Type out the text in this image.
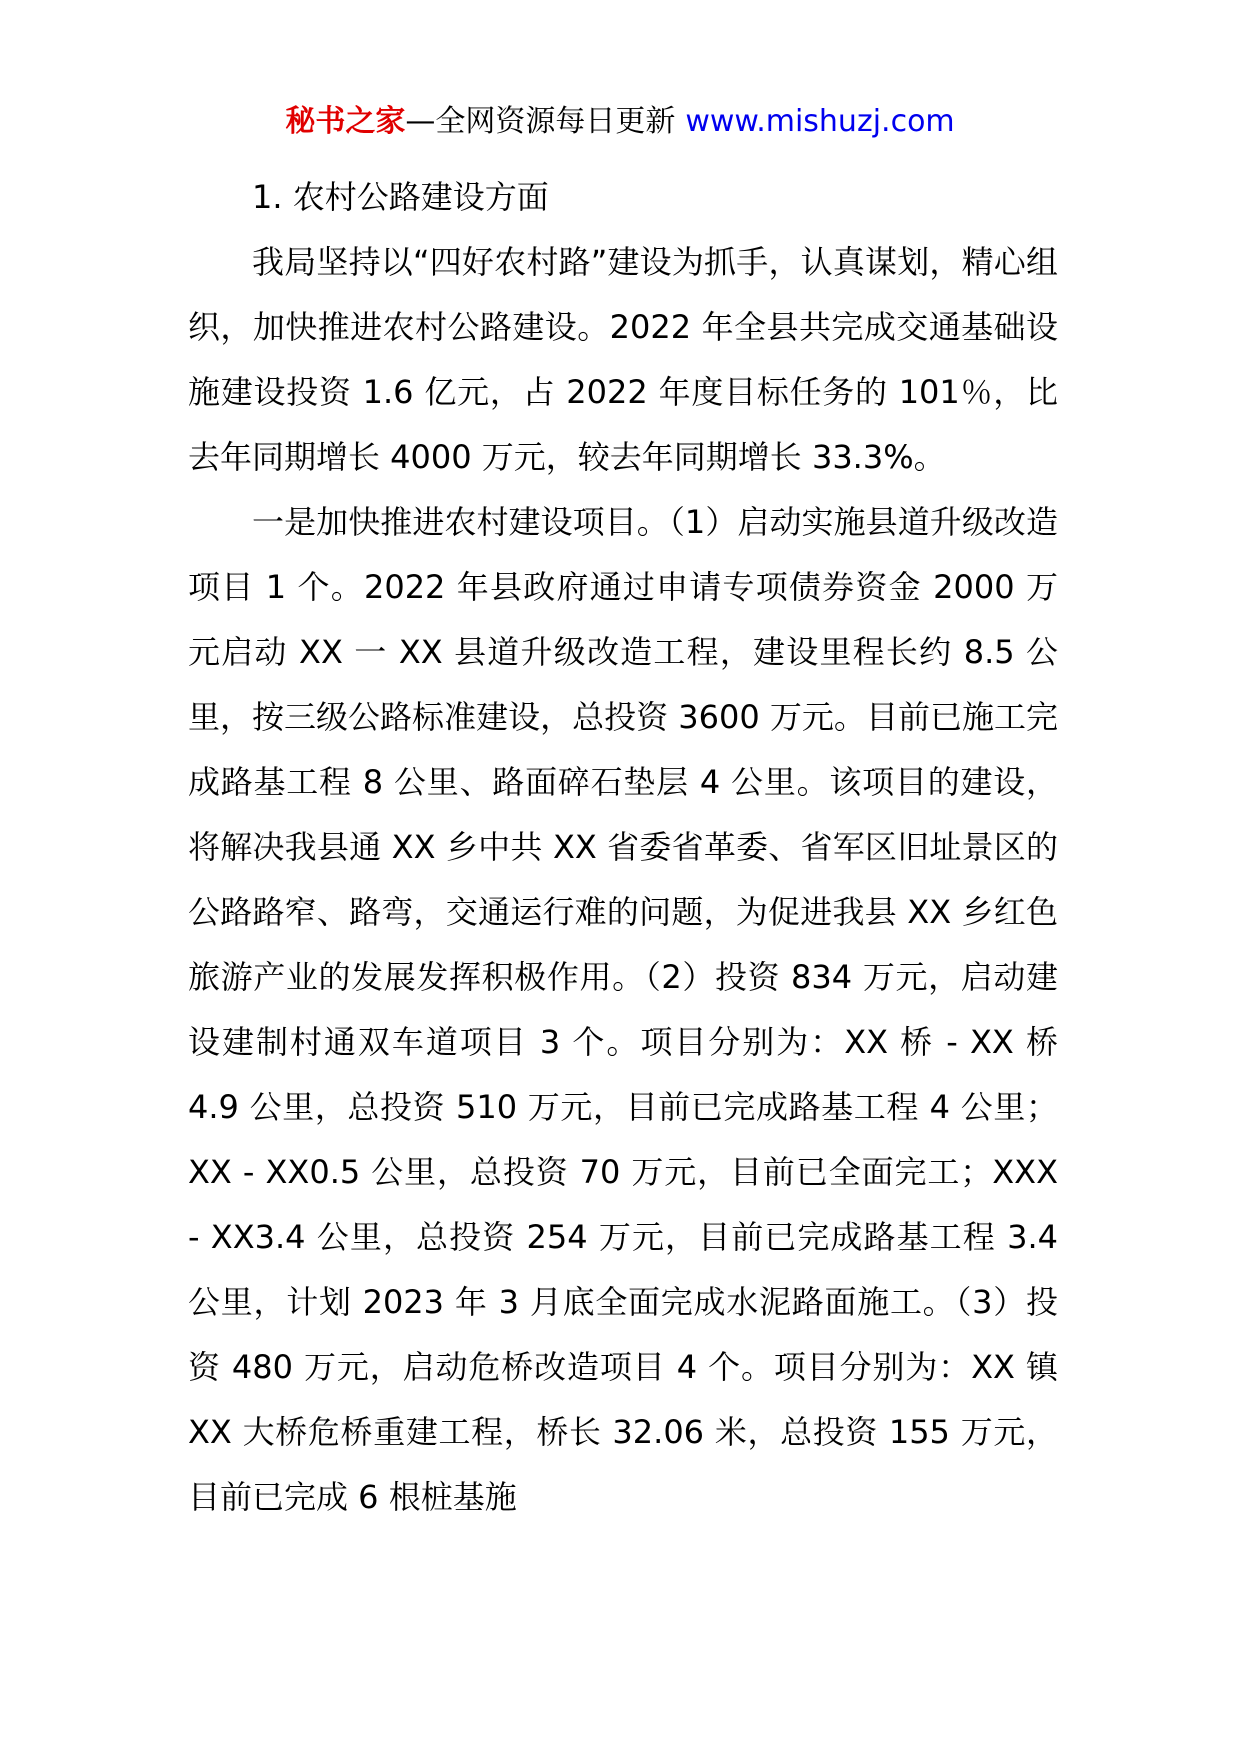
秘书之家—全网资源每日更新 www.mishuzj.com

1. 农村公路建设方面

我局坚持以“四好农村路”建设为抓手，认真谋划，精心组织，加快推进农村公路建设。2022 年全县共完成交通基础设施建设投资 1.6 亿元，占 2022 年度目标任务的 101％，比去年同期增长 4000 万元，较去年同期增长 33.3%。

一是加快推进农村建设项目。（1）启动实施县道升级改造项目 1 个。2022 年县政府通过申请专项债券资金 2000 万元启动 XX 一 XX 县道升级改造工程，建设里程长约 8.5 公里，按三级公路标准建设，总投资 3600 万元。目前已施工完成路基工程 8 公里、路面碎石垫层 4 公里。该项目的建设，将解决我县通 XX 乡中共 XX 省委省革委、省军区旧址景区的公路路窄、路弯，交通运行难的问题，为促进我县 XX 乡红色旅游产业的发展发挥积极作用。（2）投资 834 万元，启动建设建制村通双车道项目 3 个。项目分别为：XX 桥 - XX 桥 4.9 公里，总投资 510 万元，目前已完成路基工程 4 公里；XX - XX0.5 公里，总投资 70 万元，目前已全面完工；XXX - XX3.4 公里，总投资 254 万元，目前已完成路基工程 3.4 公里，计划 2023 年 3 月底全面完成水泥路面施工。（3）投资 480 万元，启动危桥改造项目 4 个。项目分别为：XX 镇 XX 大桥危桥重建工程，桥长 32.06 米，总投资 155 万元，目前已完成 6 根桩基施
